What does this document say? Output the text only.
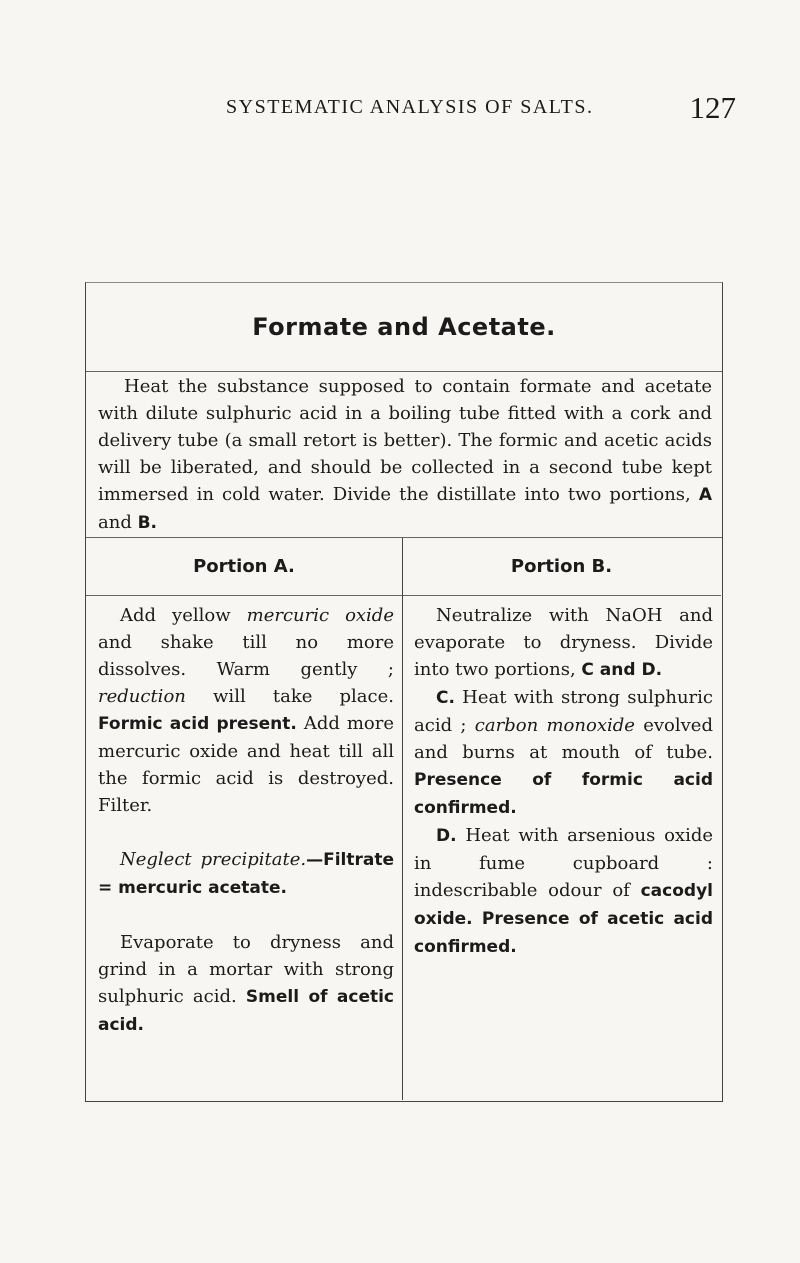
SYSTEMATIC ANALYSIS OF SALTS.	127
Formate and Acetate.
Heat the substance supposed to contain formate and acetate with dilute sulphuric acid in a boiling tube fitted with a cork and delivery tube (a small retort is better). The formic and acetic acids will be liberated, and should be collected in a second tube kept immersed in cold water. Divide the distillate into two portions, A and B.
Portion A.	Portion B.

Add yellow mercuric oxide and shake till no more dissolves. Warm gently ; reduction will take place. Formic acid present. Add more mercuric oxide and heat till all the formic acid is destroyed. Filter.

Neglect precipitate.—Filtrate = mercuric acetate.

Evaporate to dryness and grind in a mortar with strong sulphuric acid. Smell of acetic acid.

Neutralize with NaOH and evaporate to dryness. Divide into two portions, C and D.

C. Heat with strong sulphuric acid ; carbon monoxide evolved and burns at mouth of tube. Presence of formic acid confirmed.

D. Heat with arsenious oxide in fume cupboard : indescribable odour of cacodyl oxide. Presence of acetic acid confirmed.
